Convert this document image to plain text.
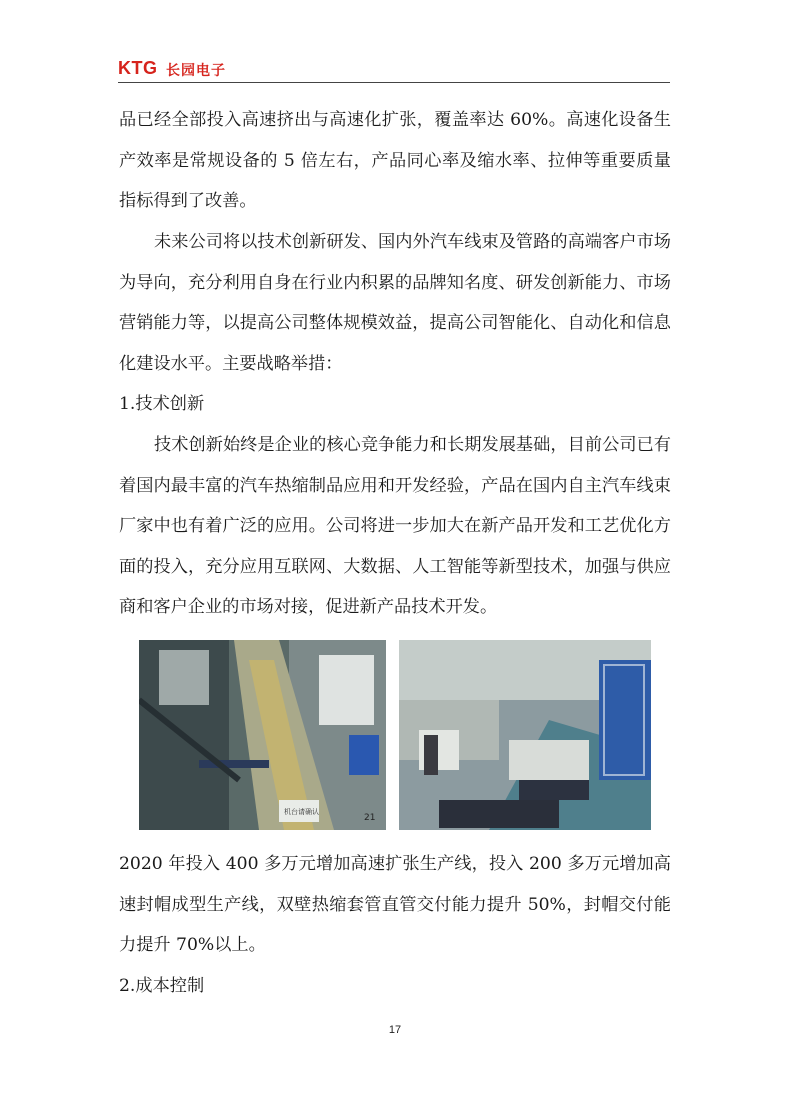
KTG 长园电子

品已经全部投入高速挤出与高速化扩张，覆盖率达 60%。高速化设备生产效率是常规设备的 5 倍左右，产品同心率及缩水率、拉伸等重要质量指标得到了改善。

未来公司将以技术创新研发、国内外汽车线束及管路的高端客户市场为导向，充分利用自身在行业内积累的品牌知名度、研发创新能力、市场营销能力等，以提高公司整体规模效益，提高公司智能化、自动化和信息化建设水平。主要战略举措：

1.技术创新

技术创新始终是企业的核心竞争能力和长期发展基础，目前公司已有着国内最丰富的汽车热缩制品应用和开发经验，产品在国内自主汽车线束厂家中也有着广泛的应用。公司将进一步加大在新产品开发和工艺优化方面的投入，充分应用互联网、大数据、人工智能等新型技术，加强与供应商和客户企业的市场对接，促进新产品技术开发。

机台请确认
21

2020 年投入 400 多万元增加高速扩张生产线，投入 200 多万元增加高速封帽成型生产线，双壁热缩套管直管交付能力提升 50%，封帽交付能力提升 70%以上。

2.成本控制

17
